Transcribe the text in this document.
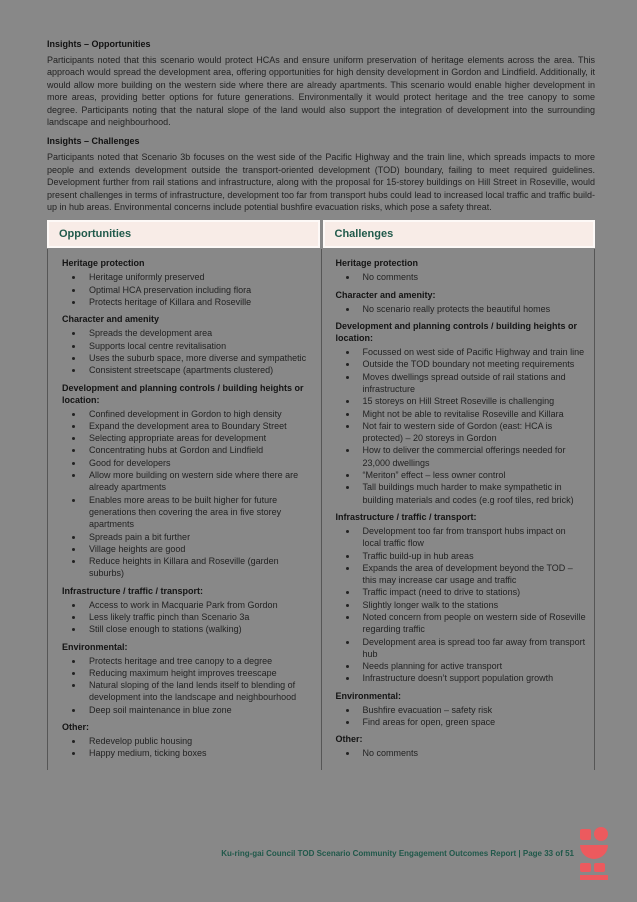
Insights – Opportunities

Participants noted that this scenario would protect HCAs and ensure uniform preservation of heritage elements across the area. This approach would spread the development area, offering opportunities for high density development in Gordon and Lindfield. Additionally, it would allow more building on the western side where there are already apartments. This scenario would enable higher development in more areas, providing better options for future generations. Environmentally it would protect heritage and the tree canopy to some degree. Participants noting that the natural slope of the land would also support the integration of development into the surrounding landscape and neighbourhood.

Insights – Challenges

Participants noted that Scenario 3b focuses on the west side of the Pacific Highway and the train line, which spreads impacts to more people and extends development outside the transport-oriented development (TOD) boundary, failing to meet required guidelines. Development further from rail stations and infrastructure, along with the proposal for 15-storey buildings on Hill Street in Roseville, would present challenges in terms of infrastructure, development too far from transport hubs could lead to increased local traffic and traffic build-up in hub areas. Environmental concerns include potential bushfire evacuation risks, which pose a safety threat.

Opportunities	Challenges
Heritage protection
• Heritage uniformly preserved
• Optimal HCA preservation including flora
• Protects heritage of Killara and Roseville
Character and amenity
• Spreads the development area
• Supports local centre revitalisation
• Uses the suburb space, more diverse and sympathetic
• Consistent streetscape (apartments clustered)
Development and planning controls / building heights or location:
• Confined development in Gordon to high density
• Expand the development area to Boundary Street
• Selecting appropriate areas for development
• Concentrating hubs at Gordon and Lindfield
• Good for developers
• Allow more building on western side where there are already apartments
• Enables more areas to be built higher for future generations then covering the area in five storey apartments
• Spreads pain a bit further
• Village heights are good
• Reduce heights in Killara and Roseville (garden suburbs)
Infrastructure / traffic / transport:
• Access to work in Macquarie Park from Gordon
• Less likely traffic pinch than Scenario 3a
• Still close enough to stations (walking)
Environmental:
• Protects heritage and tree canopy to a degree
• Reducing maximum height improves treescape
• Natural sloping of the land lends itself to blending of development into the landscape and neighbourhood
• Deep soil maintenance in blue zone
Other:
• Redevelop public housing
• Happy medium, ticking boxes
Heritage protection
• No comments
Character and amenity:
• No scenario really protects the beautiful homes
Development and planning controls / building heights or location:
• Focussed on west side of Pacific Highway and train line
• Outside the TOD boundary not meeting requirements
• Moves dwellings spread outside of rail stations and infrastructure
• 15 storeys on Hill Street Roseville is challenging
• Might not be able to revitalise Roseville and Killara
• Not fair to western side of Gordon (east: HCA is protected) – 20 storeys in Gordon
• How to deliver the commercial offerings needed for 23,000 dwellings
• “Meriton” effect – less owner control
• Tall buildings much harder to make sympathetic in building materials and codes (e.g roof tiles, red brick)
Infrastructure / traffic / transport:
• Development too far from transport hubs impact on local traffic flow
• Traffic build-up in hub areas
• Expands the area of development beyond the TOD – this may increase car usage and traffic
• Traffic impact (need to drive to stations)
• Slightly longer walk to the stations
• Noted concern from people on western side of Roseville regarding traffic
• Development area is spread too far away from transport hub
• Needs planning for active transport
• Infrastructure doesn’t support population growth
Environmental:
• Bushfire evacuation – safety risk
• Find areas for open, green space
Other:
• No comments
Ku-ring-gai Council TOD Scenario Community Engagement Outcomes Report | Page 33 of 51
